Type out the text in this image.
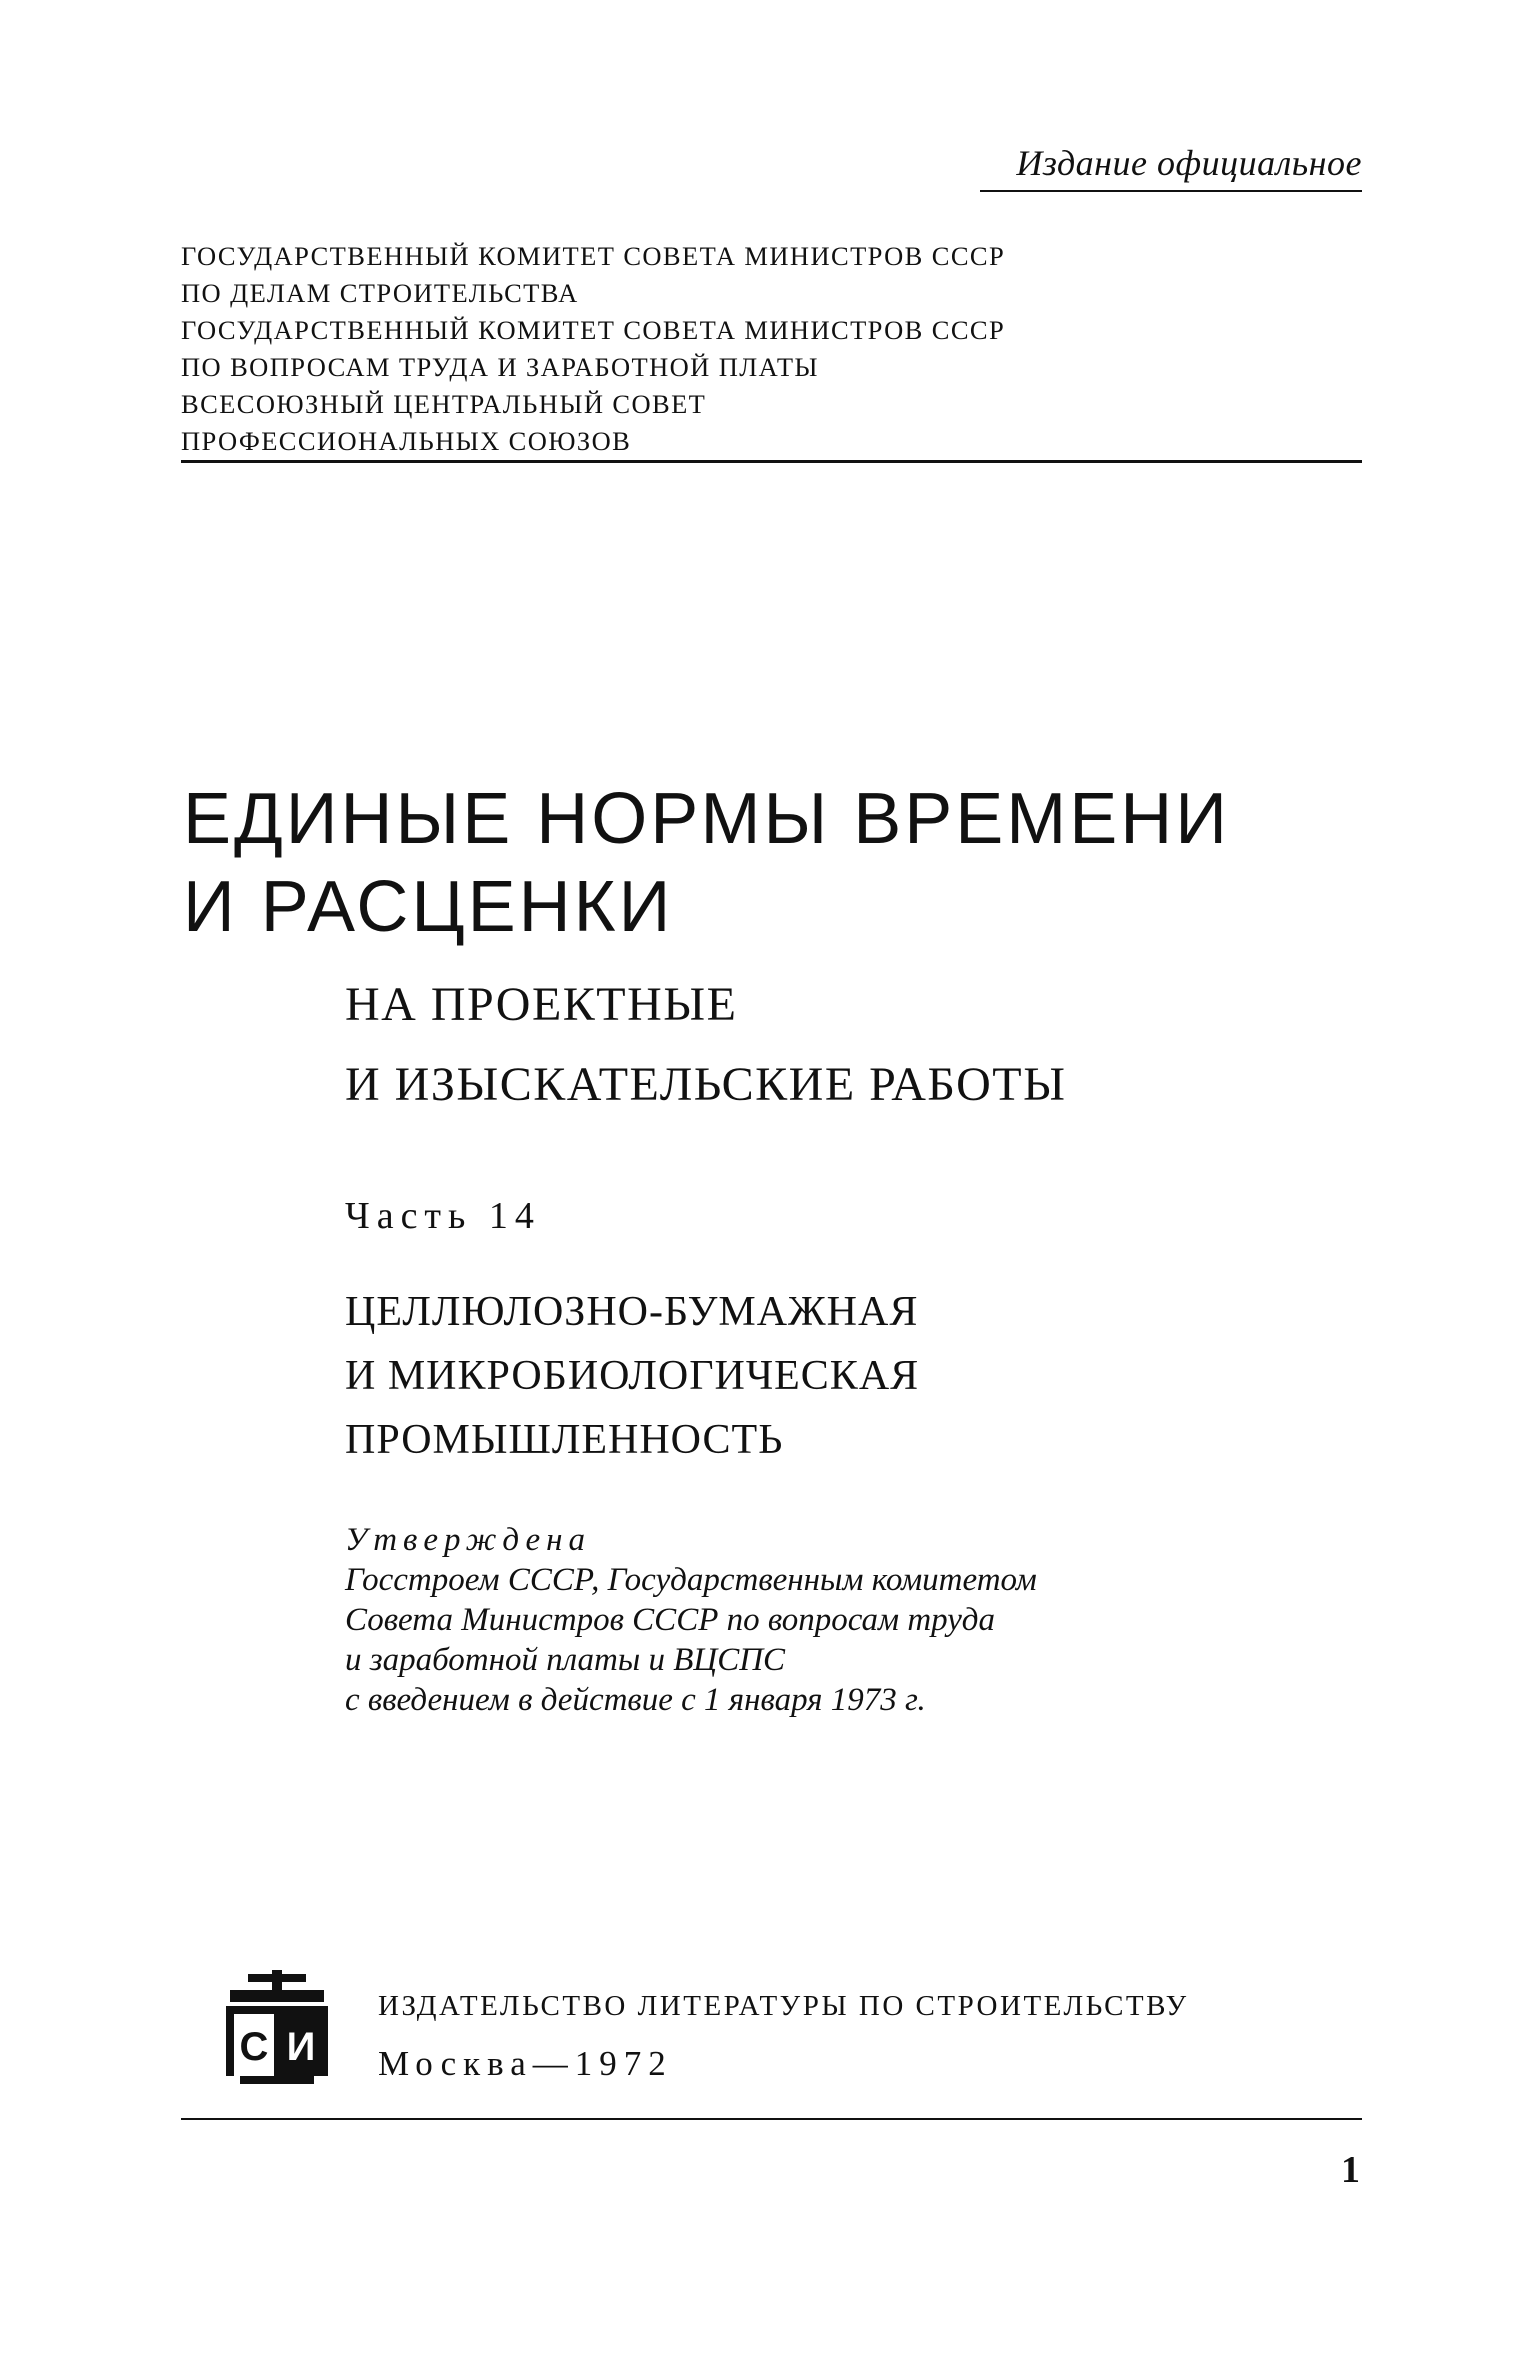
Издание официальное
ГОСУДАРСТВЕННЫЙ КОМИТЕТ СОВЕТА МИНИСТРОВ СССР
ПО ДЕЛАМ СТРОИТЕЛЬСТВА
ГОСУДАРСТВЕННЫЙ КОМИТЕТ СОВЕТА МИНИСТРОВ СССР
ПО ВОПРОСАМ ТРУДА И ЗАРАБОТНОЙ ПЛАТЫ
ВСЕСОЮЗНЫЙ ЦЕНТРАЛЬНЫЙ СОВЕТ
ПРОФЕССИОНАЛЬНЫХ СОЮЗОВ
ЕДИНЫЕ НОРМЫ ВРЕМЕНИ
И РАСЦЕНКИ
НА ПРОЕКТНЫЕ
И ИЗЫСКАТЕЛЬСКИЕ РАБОТЫ
Часть 14
ЦЕЛЛЮЛОЗНО-БУМАЖНАЯ
И МИКРОБИОЛОГИЧЕСКАЯ
ПРОМЫШЛЕННОСТЬ
Утверждена
Госстроем СССР, Государственным комитетом
Совета Министров СССР по вопросам труда
и заработной платы и ВЦСПС
с введением в действие с 1 января 1973 г.
С И
ИЗДАТЕЛЬСТВО ЛИТЕРАТУРЫ ПО СТРОИТЕЛЬСТВУ
Москва—1972
1
